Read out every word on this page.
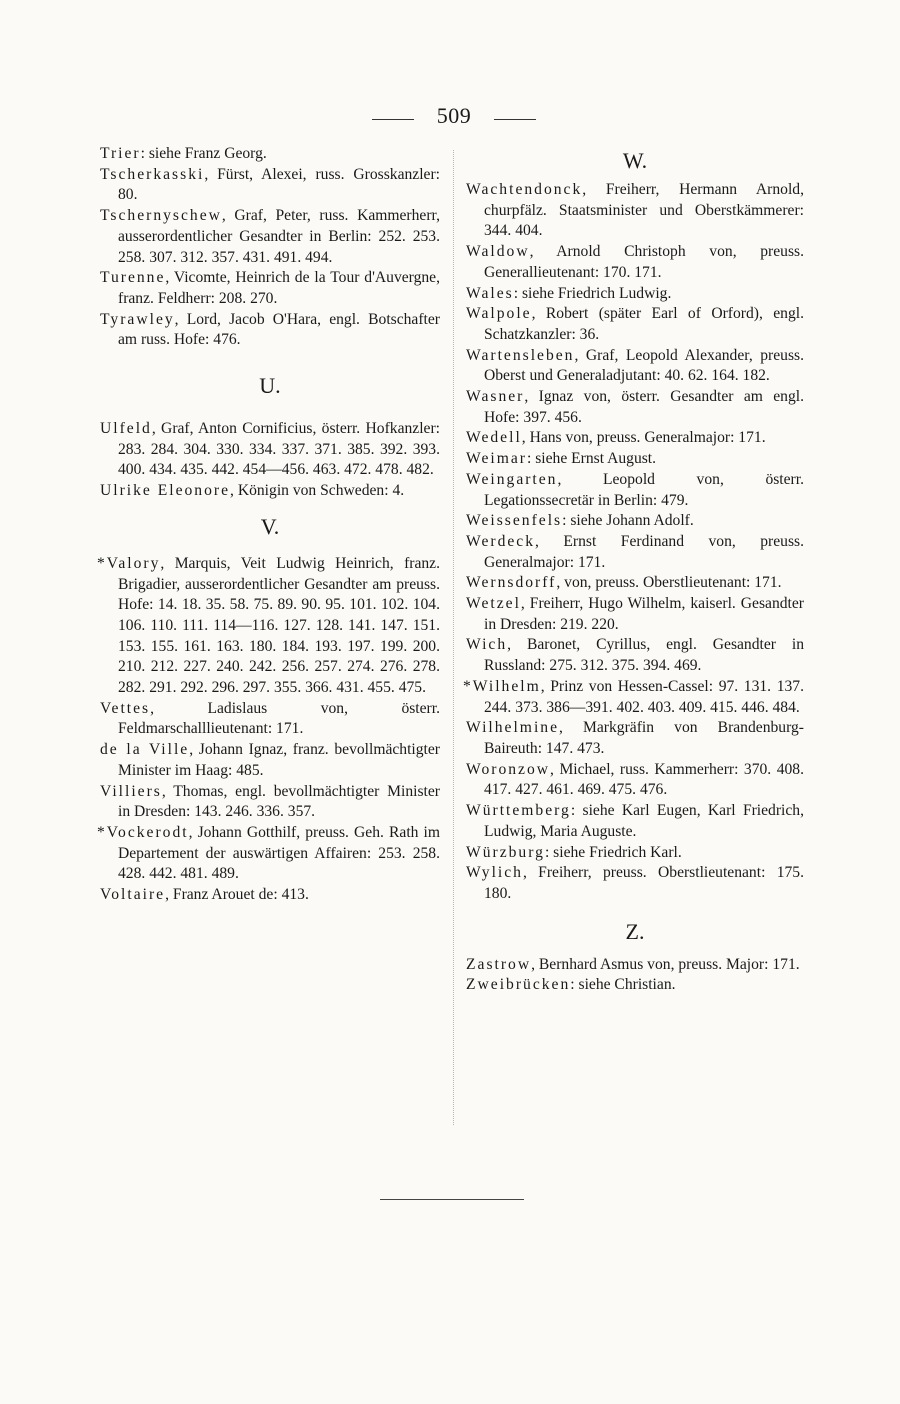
509
Trier: siehe Franz Georg.
Tscherkasski, Fürst, Alexei, russ. Grosskanzler: 80.
Tschernyschew, Graf, Peter, russ. Kammerherr, ausserordentlicher Gesandter in Berlin: 252. 253. 258. 307. 312. 357. 431. 491. 494.
Turenne, Vicomte, Heinrich de la Tour d'Auvergne, franz. Feldherr: 208. 270.
Tyrawley, Lord, Jacob O'Hara, engl. Botschafter am russ. Hofe: 476.
U.
Ulfeld, Graf, Anton Cornificius, österr. Hofkanzler: 283. 284. 304. 330. 334. 337. 371. 385. 392. 393. 400. 434. 435. 442. 454—456. 463. 472. 478. 482.
Ulrike Eleonore, Königin von Schweden: 4.
V.
*Valory, Marquis, Veit Ludwig Heinrich, franz. Brigadier, ausserordentlicher Gesandter am preuss. Hofe: 14. 18. 35. 58. 75. 89. 90. 95. 101. 102. 104. 106. 110. 111. 114—116. 127. 128. 141. 147. 151. 153. 155. 161. 163. 180. 184. 193. 197. 199. 200. 210. 212. 227. 240. 242. 256. 257. 274. 276. 278. 282. 291. 292. 296. 297. 355. 366. 431. 455. 475.
Vettes, Ladislaus von, österr. Feldmarschalllieutenant: 171.
de la Ville, Johann Ignaz, franz. bevollmächtigter Minister im Haag: 485.
Villiers, Thomas, engl. bevollmächtigter Minister in Dresden: 143. 246. 336. 357.
*Vockerodt, Johann Gotthilf, preuss. Geh. Rath im Departement der auswärtigen Affairen: 253. 258. 428. 442. 481. 489.
Voltaire, Franz Arouet de: 413.
W.
Wachtendonck, Freiherr, Hermann Arnold, churpfälz. Staatsminister und Oberstkämmerer: 344. 404.
Waldow, Arnold Christoph von, preuss. Generallieutenant: 170. 171.
Wales: siehe Friedrich Ludwig.
Walpole, Robert (später Earl of Orford), engl. Schatzkanzler: 36.
Wartensleben, Graf, Leopold Alexander, preuss. Oberst und Generaladjutant: 40. 62. 164. 182.
Wasner, Ignaz von, österr. Gesandter am engl. Hofe: 397. 456.
Wedell, Hans von, preuss. Generalmajor: 171.
Weimar: siehe Ernst August.
Weingarten, Leopold von, österr. Legationssecretär in Berlin: 479.
Weissenfels: siehe Johann Adolf.
Werdeck, Ernst Ferdinand von, preuss. Generalmajor: 171.
Wernsdorff, von, preuss. Oberstlieutenant: 171.
Wetzel, Freiherr, Hugo Wilhelm, kaiserl. Gesandter in Dresden: 219. 220.
Wich, Baronet, Cyrillus, engl. Gesandter in Russland: 275. 312. 375. 394. 469.
*Wilhelm, Prinz von Hessen-Cassel: 97. 131. 137. 244. 373. 386—391. 402. 403. 409. 415. 446. 484.
Wilhelmine, Markgräfin von Brandenburg-Baireuth: 147. 473.
Woronzow, Michael, russ. Kammerherr: 370. 408. 417. 427. 461. 469. 475. 476.
Württemberg: siehe Karl Eugen, Karl Friedrich, Ludwig, Maria Auguste.
Würzburg: siehe Friedrich Karl.
Wylich, Freiherr, preuss. Oberstlieutenant: 175. 180.
Z.
Zastrow, Bernhard Asmus von, preuss. Major: 171.
Zweibrücken: siehe Christian.
